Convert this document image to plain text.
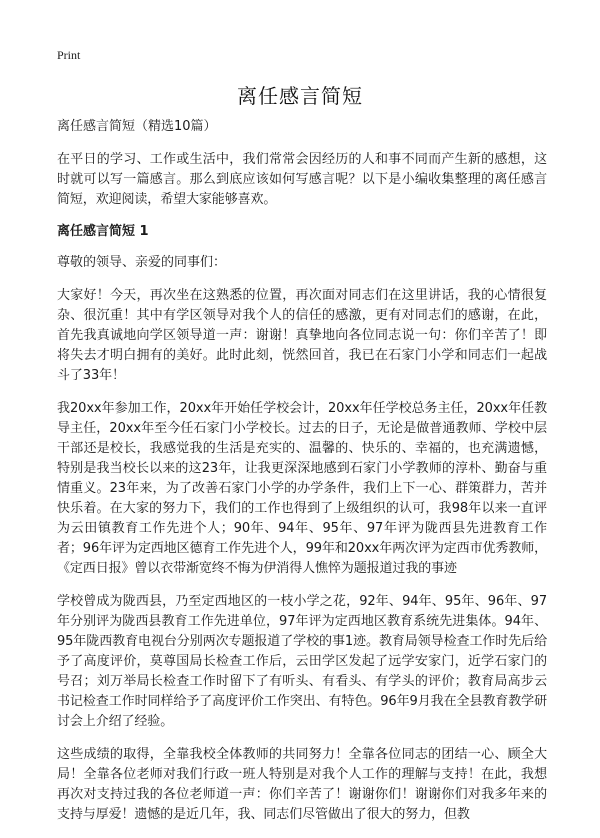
Print
离任感言简短
离任感言简短（精选10篇）
在平日的学习、工作或生活中，我们常常会因经历的人和事不同而产生新的感想，这时就可以写一篇感言。那么到底应该如何写感言呢？以下是小编收集整理的离任感言简短，欢迎阅读，希望大家能够喜欢。
离任感言简短 1
尊敬的领导、亲爱的同事们：
大家好！今天，再次坐在这熟悉的位置，再次面对同志们在这里讲话，我的心情很复杂、很沉重！其中有学区领导对我个人的信任的感激，更有对同志们的感谢，在此，首先我真诚地向学区领导道一声：谢谢！真挚地向各位同志说一句：你们辛苦了！即将失去才明白拥有的美好。此时此刻，恍然回首，我已在石家门小学和同志们一起战斗了33年！
我20xx年参加工作，20xx年开始任学校会计，20xx年任学校总务主任，20xx年任教导主任，20xx年至今任石家门小学校长。过去的日子，无论是做普通教师、学校中层干部还是校长，我感觉我的生活是充实的、温馨的、快乐的、幸福的，也充满遗憾，特别是我当校长以来的这23年，让我更深深地感到石家门小学教师的淳朴、勤奋与重情重义。23年来，为了改善石家门小学的办学条件，我们上下一心、群策群力，苦并快乐着。在大家的努力下，我们的工作也得到了上级组织的认可，我98年以来一直评为云田镇教育工作先进个人；90年、94年、95年、97年评为陇西县先进教育工作者；96年评为定西地区德育工作先进个人，99年和20xx年两次评为定西市优秀教师，《定西日报》曾以衣带渐宽终不悔为伊消得人憔悴为题报道过我的事迹
学校曾成为陇西县，乃至定西地区的一枝小学之花，92年、94年、95年、96年、97年分别评为陇西县教育工作先进单位，97年评为定西地区教育系统先进集体。94年、95年陇西教育电视台分别两次专题报道了学校的事1迹。教育局领导检查工作时先后给予了高度评价，莫尊国局长检查工作后，云田学区发起了远学安家门，近学石家门的号召；刘万举局长检查工作时留下了有听头、有看头、有学头的评价；教育局高步云书记检查工作时同样给予了高度评价工作突出、有特色。96年9月我在全县教育教学研讨会上介绍了经验。
这些成绩的取得，全靠我校全体教师的共同努力！全靠各位同志的团结一心、顾全大局！全靠各位老师对我们行政一班人特别是对我个人工作的理解与支持！在此，我想再次对支持过我的各位老师道一声：你们辛苦了！谢谢你们！谢谢你们对我多年来的 支持与厚爱！遗憾的是近几年，我、同志们尽管做出了很大的努力，但教
